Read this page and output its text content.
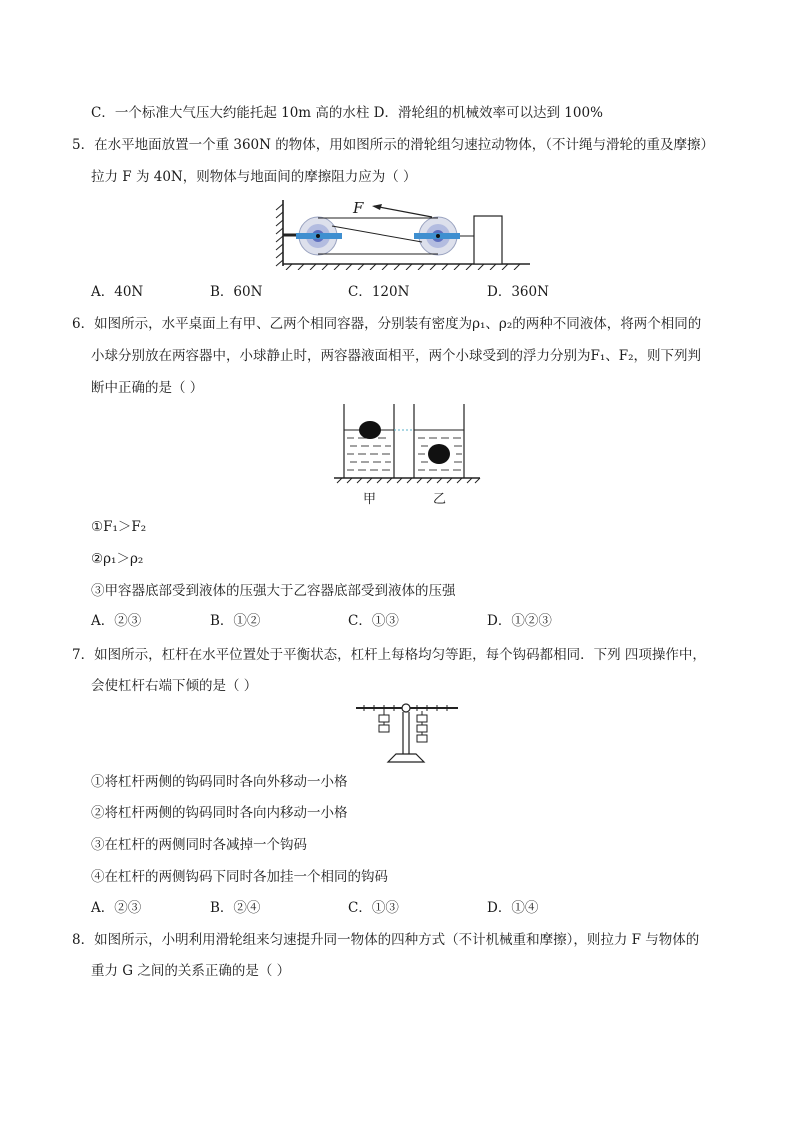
C．一个标准大气压大约能托起 10m 高的水柱 D．滑轮组的机械效率可以达到 100%
5．在水平地面放置一个重 360N 的物体，用如图所示的滑轮组匀速拉动物体，（不计绳与滑轮的重及摩擦）
拉力 F 为 40N，则物体与地面间的摩擦阻力应为（ ）
F
A．40N	B．60N	C．120N	D．360N
6．如图所示，水平桌面上有甲、乙两个相同容器，分别装有密度为ρ₁、ρ₂的两种不同液体，将两个相同的
小球分别放在两容器中，小球静止时，两容器液面相平，两个小球受到的浮力分别为F₁、F₂，则下列判
断中正确的是（ ）
甲	乙
①F₁＞F₂
②ρ₁＞ρ₂
③甲容器底部受到液体的压强大于乙容器底部受到液体的压强
A．②③	B．①②	C．①③	D．①②③
7．如图所示，杠杆在水平位置处于平衡状态，杠杆上每格均匀等距，每个钩码都相同．下列 四项操作中，
会使杠杆右端下倾的是（ ）
①将杠杆两侧的钩码同时各向外移动一小格
②将杠杆两侧的钩码同时各向内移动一小格
③在杠杆的两侧同时各减掉一个钩码
④在杠杆的两侧钩码下同时各加挂一个相同的钩码
A．②③	B．②④	C．①③	D．①④
8．如图所示，小明利用滑轮组来匀速提升同一物体的四种方式（不计机械重和摩擦），则拉力 F 与物体的
重力 G 之间的关系正确的是（ ）
